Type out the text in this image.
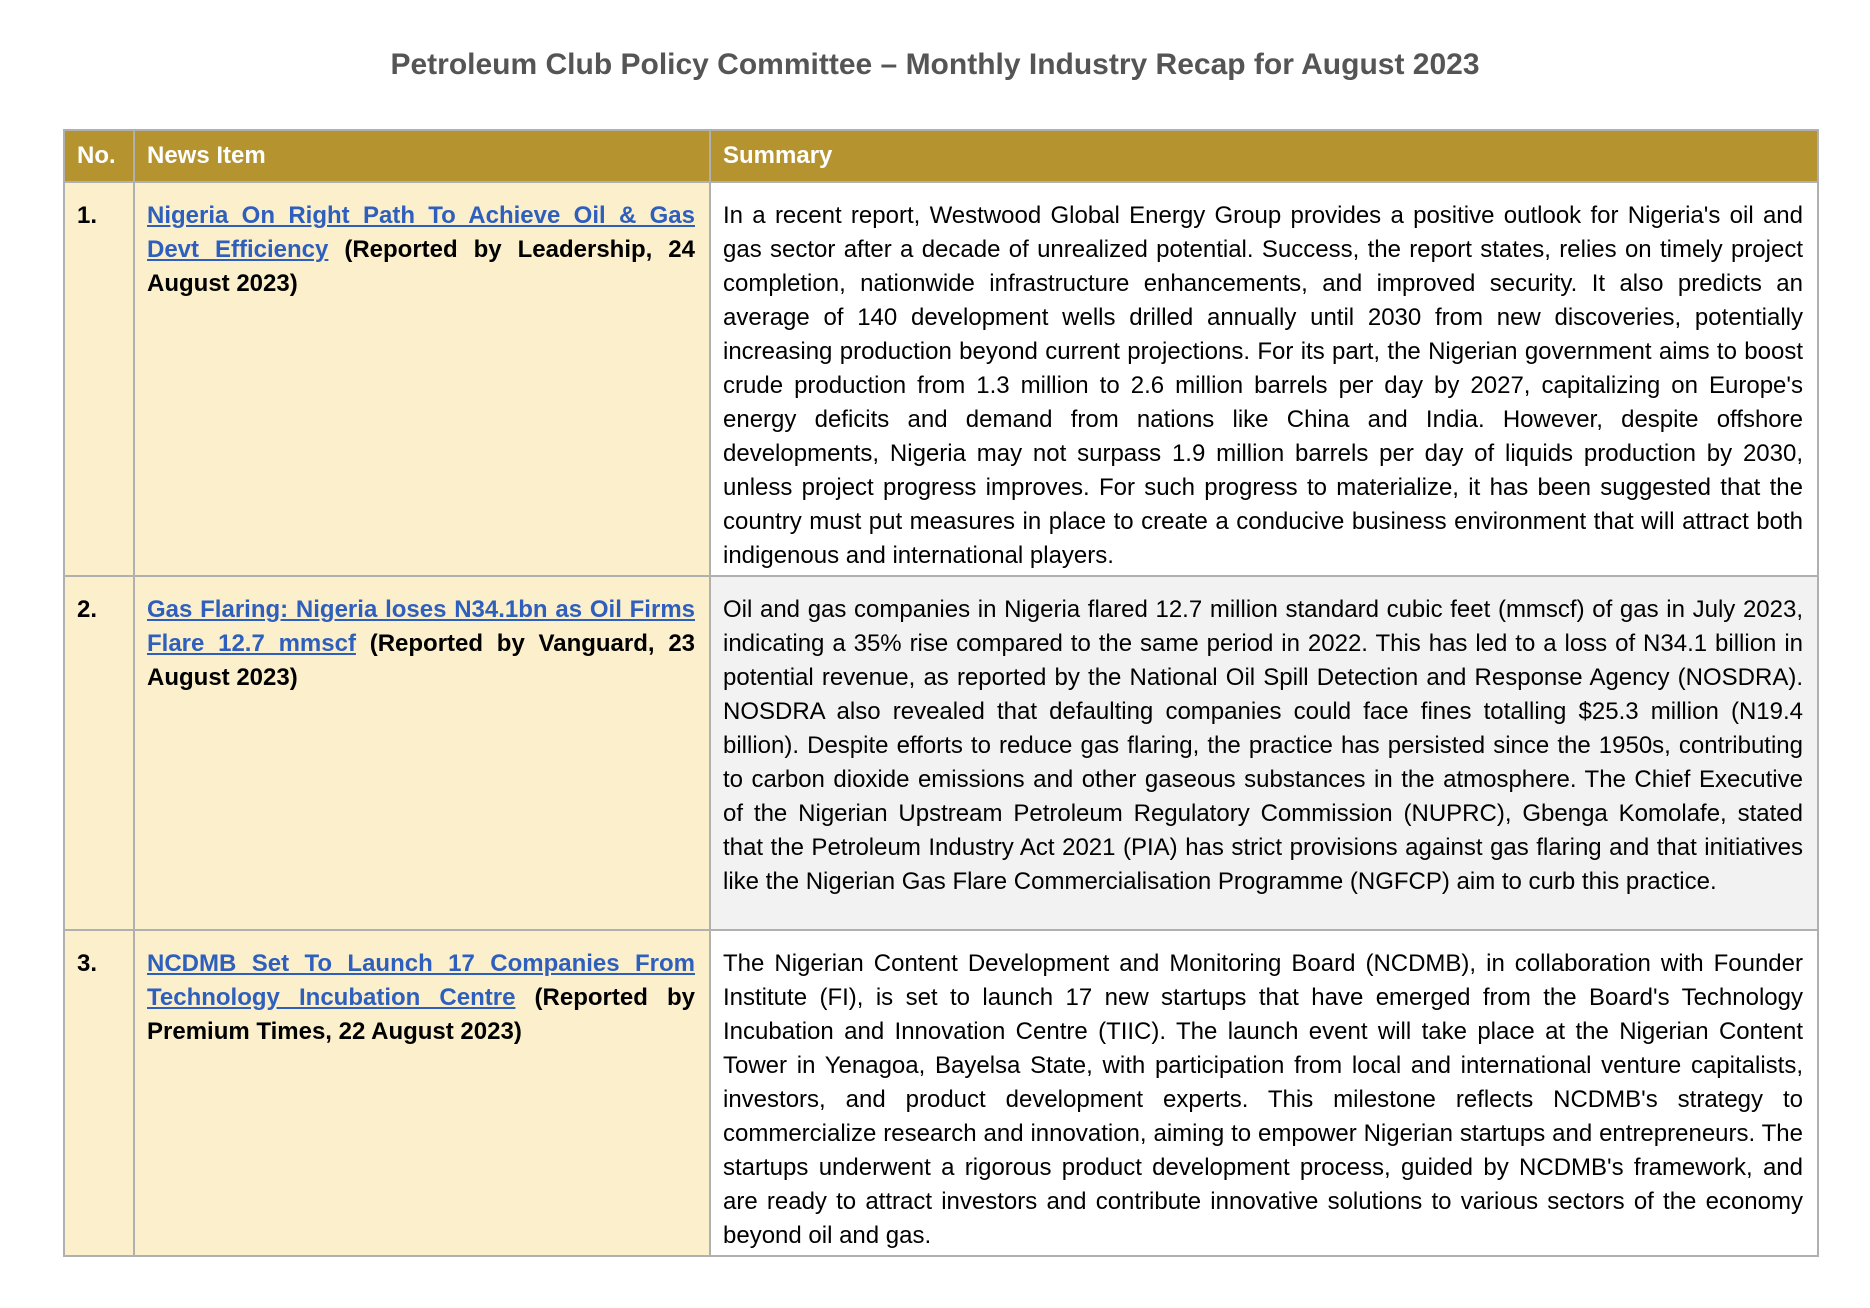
Petroleum Club Policy Committee – Monthly Industry Recap for August 2023
No.	News Item	Summary
1.	Nigeria On Right Path To Achieve Oil & Gas Devt Efficiency (Reported by Leadership, 24 August 2023)	In a recent report, Westwood Global Energy Group provides a positive outlook for Nigeria's oil and gas sector after a decade of unrealized potential. Success, the report states, relies on timely project completion, nationwide infrastructure enhancements, and improved security. It also predicts an average of 140 development wells drilled annually until 2030 from new discoveries, potentially increasing production beyond current projections. For its part, the Nigerian government aims to boost crude production from 1.3 million to 2.6 million barrels per day by 2027, capitalizing on Europe's energy deficits and demand from nations like China and India. However, despite offshore developments, Nigeria may not surpass 1.9 million barrels per day of liquids production by 2030, unless project progress improves. For such progress to materialize, it has been suggested that the country must put measures in place to create a conducive business environment that will attract both indigenous and international players.
2.	Gas Flaring: Nigeria loses N34.1bn as Oil Firms Flare 12.7 mmscf (Reported by Vanguard, 23 August 2023)	Oil and gas companies in Nigeria flared 12.7 million standard cubic feet (mmscf) of gas in July 2023, indicating a 35% rise compared to the same period in 2022. This has led to a loss of N34.1 billion in potential revenue, as reported by the National Oil Spill Detection and Response Agency (NOSDRA). NOSDRA also revealed that defaulting companies could face fines totalling $25.3 million (N19.4 billion). Despite efforts to reduce gas flaring, the practice has persisted since the 1950s, contributing to carbon dioxide emissions and other gaseous substances in the atmosphere. The Chief Executive of the Nigerian Upstream Petroleum Regulatory Commission (NUPRC), Gbenga Komolafe, stated that the Petroleum Industry Act 2021 (PIA) has strict provisions against gas flaring and that initiatives like the Nigerian Gas Flare Commercialisation Programme (NGFCP) aim to curb this practice.
3.	NCDMB Set To Launch 17 Companies From Technology Incubation Centre (Reported by Premium Times, 22 August 2023)	The Nigerian Content Development and Monitoring Board (NCDMB), in collaboration with Founder Institute (FI), is set to launch 17 new startups that have emerged from the Board's Technology Incubation and Innovation Centre (TIIC). The launch event will take place at the Nigerian Content Tower in Yenagoa, Bayelsa State, with participation from local and international venture capitalists, investors, and product development experts. This milestone reflects NCDMB's strategy to commercialize research and innovation, aiming to empower Nigerian startups and entrepreneurs. The startups underwent a rigorous product development process, guided by NCDMB's framework, and are ready to attract investors and contribute innovative solutions to various sectors of the economy beyond oil and gas.
